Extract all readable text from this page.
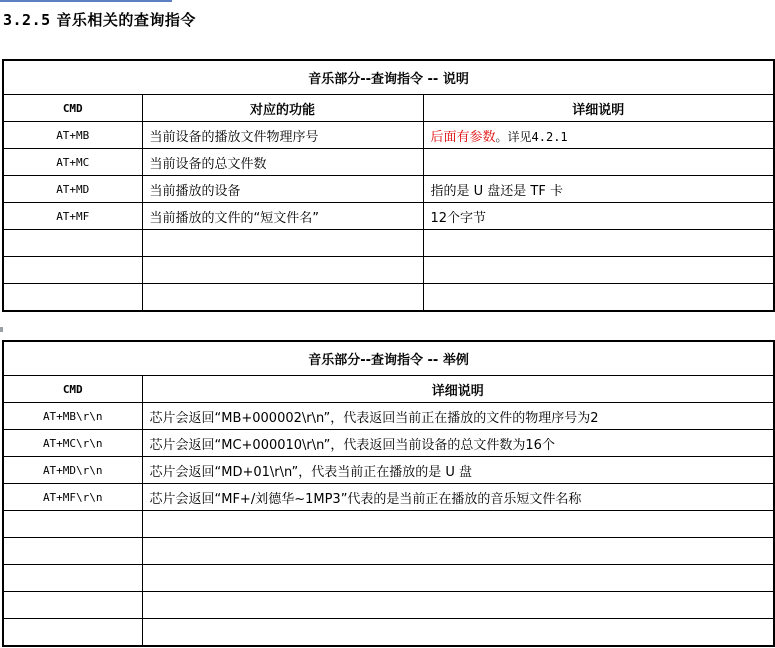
3.2.5 音乐相关的查询指令
音乐部分--查询指令 -- 说明		
CMD	对应的功能	详细说明
AT+MB	当前设备的播放文件物理序号	后面有参数。详见4.2.1
AT+MC	当前设备的总文件数	
AT+MD	当前播放的设备	指的是 U 盘还是 TF 卡
AT+MF	当前播放的文件的“短文件名”	12个字节

音乐部分--查询指令 -- 举例	
CMD	详细说明
AT+MB\r\n	芯片会返回“MB+000002\r\n”，代表返回当前正在播放的文件的物理序号为2
AT+MC\r\n	芯片会返回“MC+000010\r\n”，代表返回当前设备的总文件数为16个
AT+MD\r\n	芯片会返回“MD+01\r\n”，代表当前正在播放的是 U 盘
AT+MF\r\n	芯片会返回“MF+/刘德华~1MP3”代表的是当前正在播放的音乐短文件名称
